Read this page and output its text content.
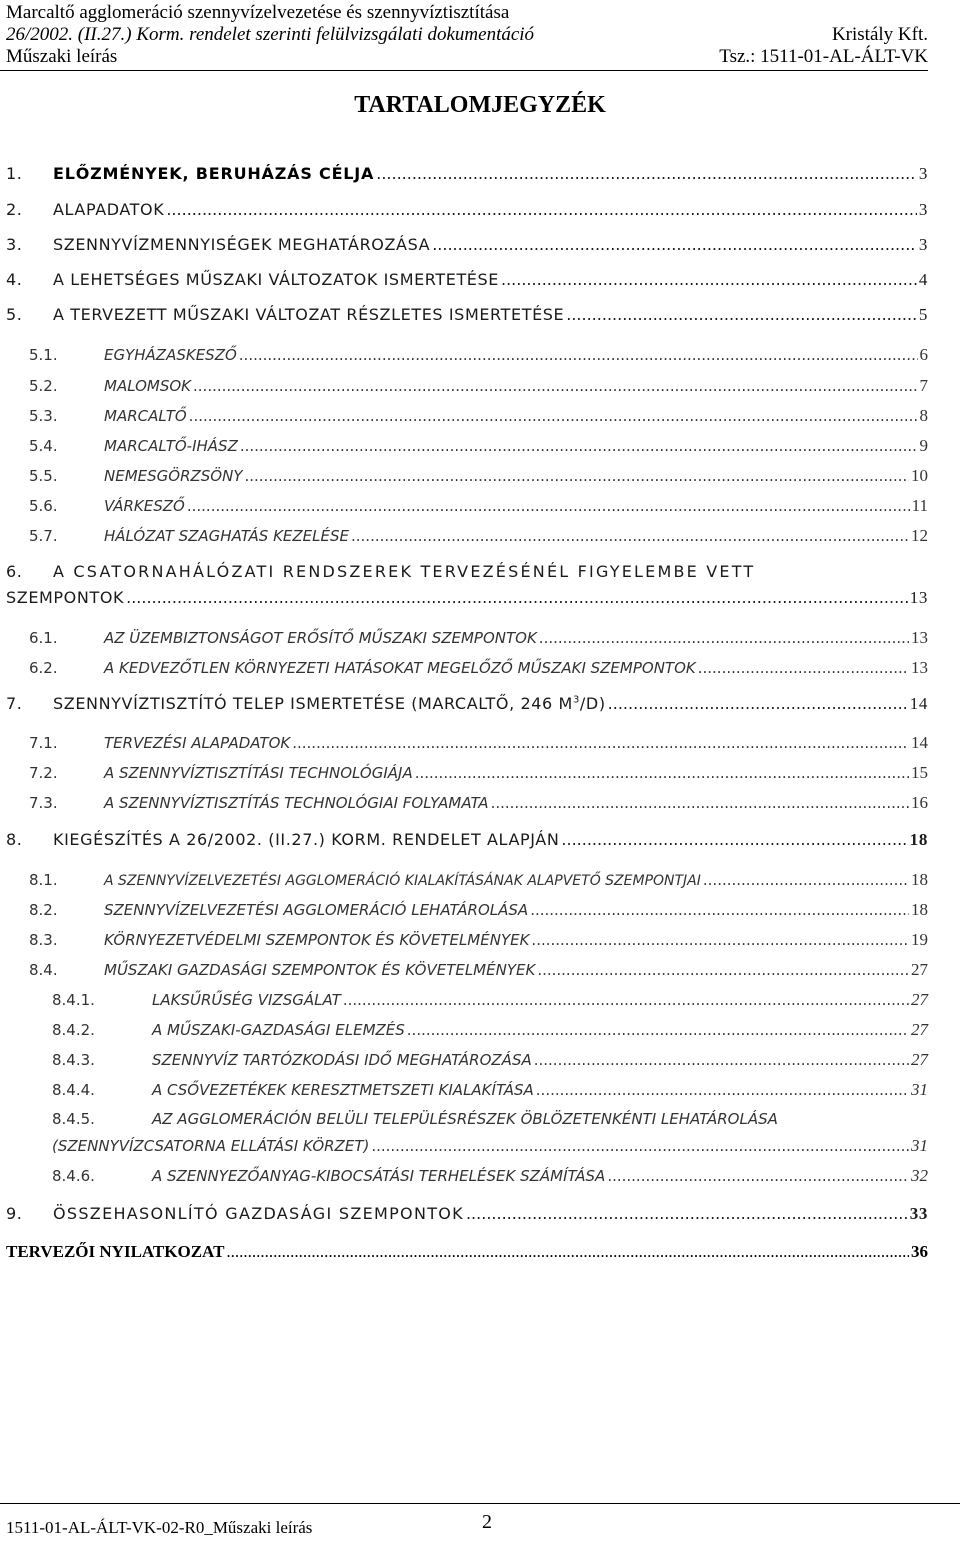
Marcaltő agglomeráció szennyvízelvezetése és szennyvíztisztítása
26/2002. (II.27.) Korm. rendelet szerinti felülvizsgálati dokumentáció	Kristály Kft.
Műszaki leírás	Tsz.: 1511-01-AL-ÁLT-VK
TARTALOMJEGYZÉK
1.	ELŐZMÉNYEK, BERUHÁZÁS CÉLJA .....	3
2.	ALAPADATOK .....	3
3.	SZENNYVÍZMENNYISÉGEK MEGHATÁROZÁSA .....	3
4.	A LEHETSÉGES MŰSZAKI VÁLTOZATOK ISMERTETÉSE .....	4
5.	A TERVEZETT MŰSZAKI VÁLTOZAT RÉSZLETES ISMERTETÉSE .....	5
5.1.	EGYHÁZASKESZŐ .....	6
5.2.	MALOMSOK .....	7
5.3.	MARCALTŐ .....	8
5.4.	MARCALTŐ-IHÁSZ .....	9
5.5.	NEMESGÖRZSÖNY .....	10
5.6.	VÁRKESZŐ .....	11
5.7.	HÁLÓZAT SZAGHATÁS KEZELÉSE .....	12
6.	A CSATORNAHÁLÓZATI RENDSZEREK TERVEZÉSÉNÉL FIGYELEMBE VETT
SZEMPONTOK .....	13
6.1.	AZ ÜZEMBIZTONSÁGOT ERŐSÍTŐ MŰSZAKI SZEMPONTOK .....	13
6.2.	A KEDVEZŐTLEN KÖRNYEZETI HATÁSOKAT MEGELŐZŐ MŰSZAKI SZEMPONTOK .....	13
7.	SZENNYVÍZTISZTÍTÓ TELEP ISMERTETÉSE (MARCALTŐ, 246 $M^3/D$) .....	14
7.1.	TERVEZÉSI ALAPADATOK .....	14
7.2.	A SZENNYVÍZTISZTÍTÁSI TECHNOLÓGIÁJA .....	15
7.3.	A SZENNYVÍZTISZTÍTÁS TECHNOLÓGIAI FOLYAMATA .....	16
8.	KIEGÉSZÍTÉS A 26/2002. (II.27.) KORM. RENDELET ALAPJÁN .....	18
8.1.	A SZENNYVÍZELVEZETÉSI AGGLOMERÁCIÓ KIALAKÍTÁSÁNAK ALAPVETŐ SZEMPONTJAI .....	18
8.2.	SZENNYVÍZELVEZETÉSI AGGLOMERÁCIÓ LEHATÁROLÁSA .....	18
8.3.	KÖRNYEZETVÉDELMI SZEMPONTOK ÉS KÖVETELMÉNYEK .....	19
8.4.	MŰSZAKI GAZDASÁGI SZEMPONTOK ÉS KÖVETELMÉNYEK .....	27
8.4.1.	LAKSŰRŰSÉG VIZSGÁLAT .....	27
8.4.2.	A MŰSZAKI-GAZDASÁGI ELEMZÉS .....	27
8.4.3.	SZENNYVÍZ TARTÓZKODÁSI IDŐ MEGHATÁROZÁSA .....	27
8.4.4.	A CSŐVEZETÉKEK KERESZTMETSZETI KIALAKÍTÁSA .....	31
8.4.5.	AZ AGGLOMERÁCIÓN BELÜLI TELEPÜLÉSRÉSZEK ÖBLÖZETENKÉNTI LEHATÁROLÁSA
(SZENNYVÍZCSATORNA ELLÁTÁSI KÖRZET) .....	31
8.4.6.	A SZENNYEZŐANYAG-KIBOCSÁTÁSI TERHELÉSEK SZÁMÍTÁSA .....	32
9.	ÖSSZEHASONLÍTÓ GAZDASÁGI SZEMPONTOK .....	33
TERVEZŐI NYILATKOZAT .....	36
1511-01-AL-ÁLT-VK-02-R0_Műszaki leírás	2
